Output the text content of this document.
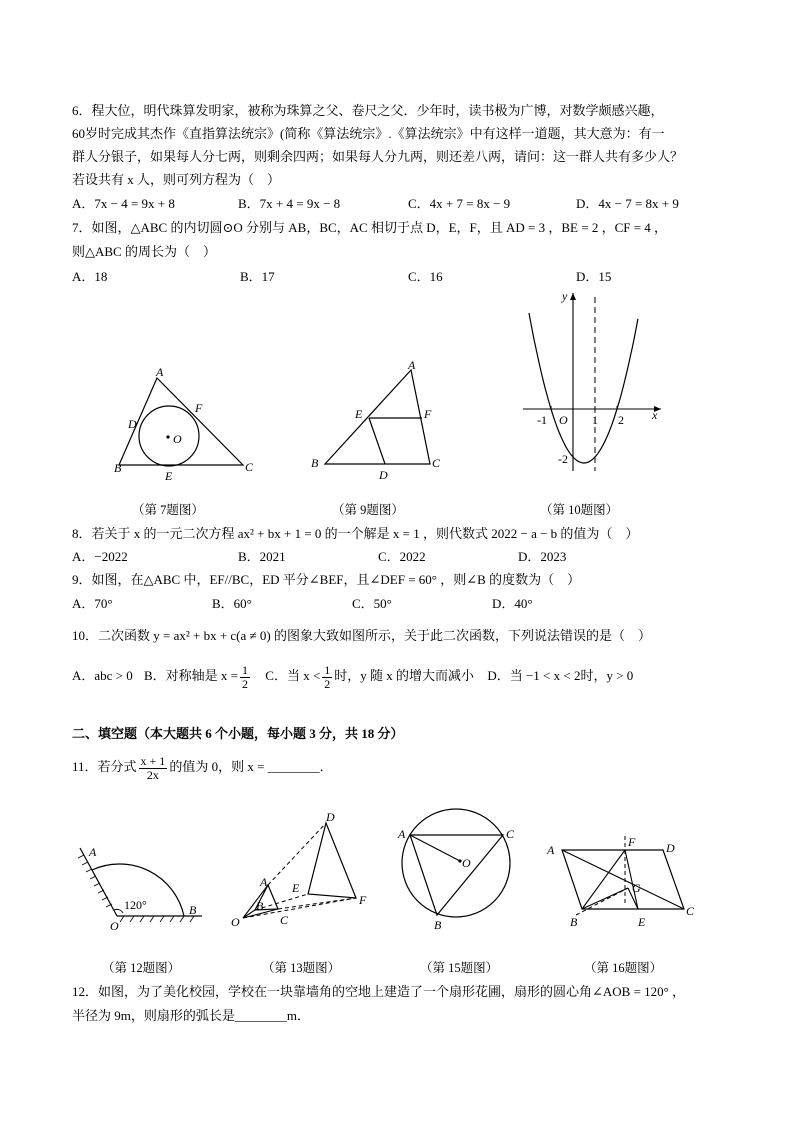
6．程大位，明代珠算发明家，被称为珠算之父、卷尺之父．少年时，读书极为广博，对数学颇感兴趣，
60岁时完成其杰作《直指算法统宗》(简称《算法统宗》.《算法统宗》中有这样一道题，其大意为：有一
群人分银子，如果每人分七两，则剩余四两；如果每人分九两，则还差八两，请问：这一群人共有多少人？
若设共有 x 人，则可列方程为（　）
A．7x − 4 = 9x + 8	B．7x + 4 = 9x − 8	C．4x + 7 = 8x − 9	D．4x − 7 = 8x + 9
7．如图，△ABC 的内切圆⊙O 分别与 AB，BC，AC 相切于点 D，E，F，且 AD = 3 ，BE = 2 ，CF = 4 ，
则△ABC 的周长为（　）
A．18	B．17	C．16	D．15
A
D
F
O
B
E
C
（第 7题图）
A
E	F
B
D
C
（第 9题图）
y
x
-1 O 1 2
-2
（第 10题图）
8．若关于 x 的一元二次方程 ax² + bx + 1 = 0 的一个解是 x = 1 ，则代数式 2022 − a − b 的值为（　）
A．−2022	B．2021	C．2022	D．2023
9．如图，在△ABC 中，EF//BC，ED 平分∠BEF，且∠DEF = 60° ，则∠B 的度数为（　）
A．70°	B．60°	C．50°	D．40°
10．二次函数 y = ax² + bx + c(a ≠ 0) 的图象大致如图所示，关于此二次函数，下列说法错误的是（　）
A．abc > 0 B．对称轴是 $x = \frac{1}{2}$ C．当 $x < \frac{1}{2}$ 时，y 随 x 的增大而减小 D．当 −1 < x < 2时，y > 0
二、填空题（本大题共 6 个小题，每小题 3 分，共 18 分）
11．若分式 $\frac{x + 1}{2x}$ 的值为 0，则 x = ________．
A
120°
O
B
（第 12题图）
D
A E
B
C
O
F
（第 13题图）
A	C
O
B
（第 15题图）
A
F	D
G
B	E
C
（第 16题图）
12．如图，为了美化校园，学校在一块靠墙角的空地上建造了一个扇形花圃，扇形的圆心角∠AOB = 120° ，
半径为 9m，则扇形的弧长是________m．
